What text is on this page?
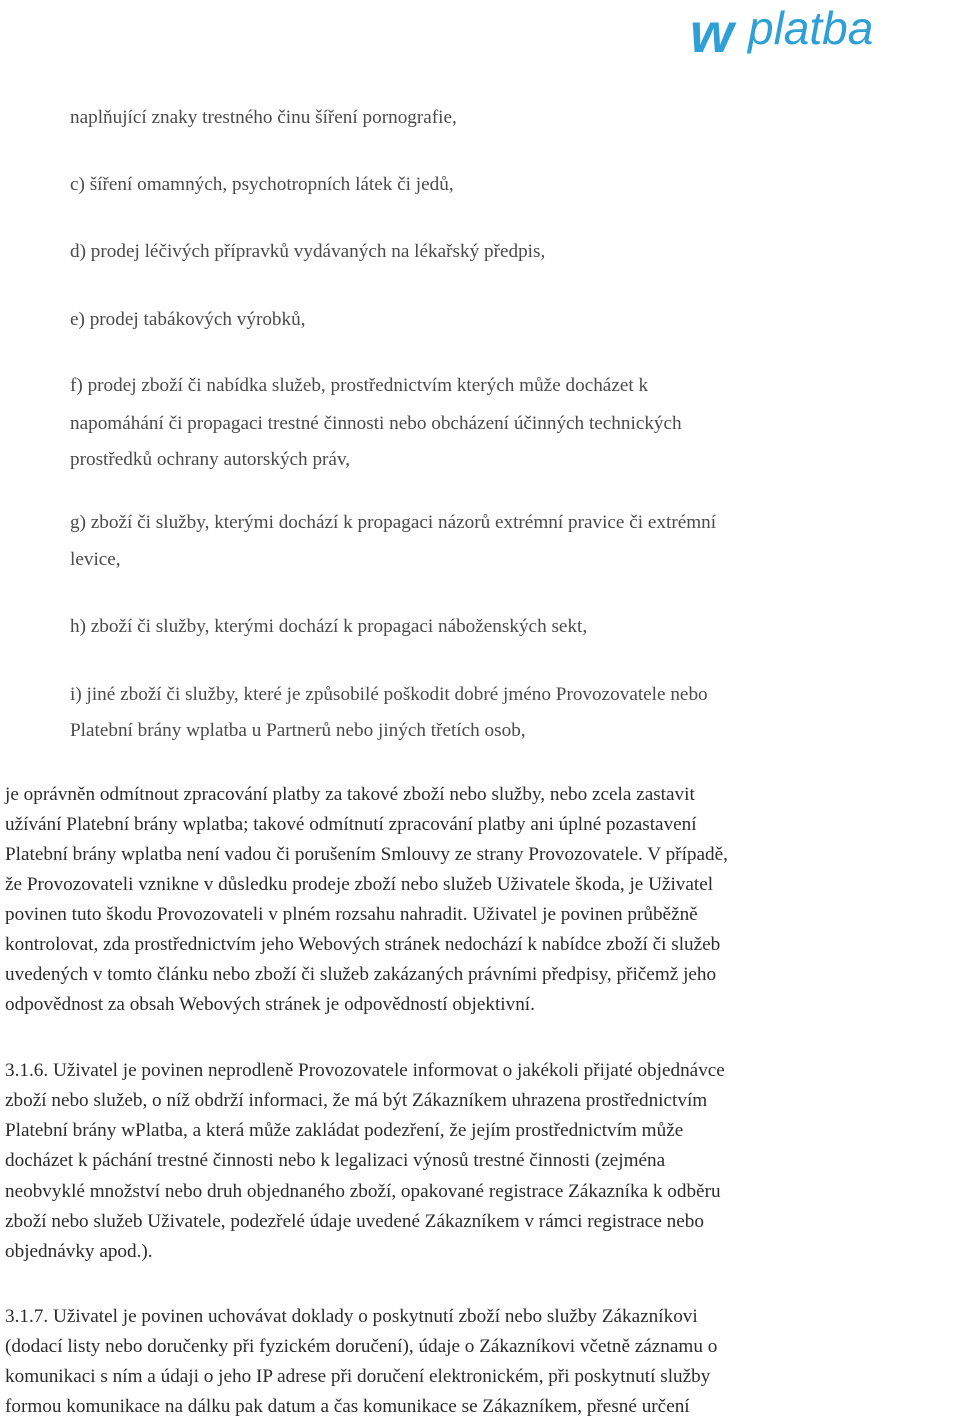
w platba
naplňující znaky trestného činu šíření pornografie,
c) šíření omamných, psychotropních látek či jedů,
d) prodej léčivých přípravků vydávaných na lékařský předpis,
e) prodej tabákových výrobků,
f) prodej zboží či nabídka služeb, prostřednictvím kterých může docházet k
napomáhání či propagaci trestné činnosti nebo obcházení účinných technických
prostředků ochrany autorských práv,
g) zboží či služby, kterými dochází k propagaci názorů extrémní pravice či extrémní
levice,
h) zboží či služby, kterými dochází k propagaci náboženských sekt,
i) jiné zboží či služby, které je způsobilé poškodit dobré jméno Provozovatele nebo
Platební brány wplatba u Partnerů nebo jiných třetích osob,
je oprávněn odmítnout zpracování platby za takové zboží nebo služby, nebo zcela zastavit
užívání Platební brány wplatba; takové odmítnutí zpracování platby ani úplné pozastavení
Platební brány wplatba není vadou či porušením Smlouvy ze strany Provozovatele. V případě,
že Provozovateli vznikne v důsledku prodeje zboží nebo služeb Uživatele škoda, je Uživatel
povinen tuto škodu Provozovateli v plném rozsahu nahradit. Uživatel je povinen průběžně
kontrolovat, zda prostřednictvím jeho Webových stránek nedochází k nabídce zboží či služeb
uvedených v tomto článku nebo zboží či služeb zakázaných právními předpisy, přičemž jeho
odpovědnost za obsah Webových stránek je odpovědností objektivní.
3.1.6. Uživatel je povinen neprodleně Provozovatele informovat o jakékoli přijaté objednávce
zboží nebo služeb, o níž obdrží informaci, že má být Zákazníkem uhrazena prostřednictvím
Platební brány wPlatba, a která může zakládat podezření, že jejím prostřednictvím může
docházet k páchání trestné činnosti nebo k legalizaci výnosů trestné činnosti (zejména
neobvyklé množství nebo druh objednaného zboží, opakované registrace Zákazníka k odběru
zboží nebo služeb Uživatele, podezřelé údaje uvedené Zákazníkem v rámci registrace nebo
objednávky apod.).
3.1.7. Uživatel je povinen uchovávat doklady o poskytnutí zboží nebo služby Zákazníkovi
(dodací listy nebo doručenky při fyzickém doručení), údaje o Zákazníkovi včetně záznamu o
komunikaci s ním a údaji o jeho IP adrese při doručení elektronickém, při poskytnutí služby
formou komunikace na dálku pak datum a čas komunikace se Zákazníkem, přesné určení
